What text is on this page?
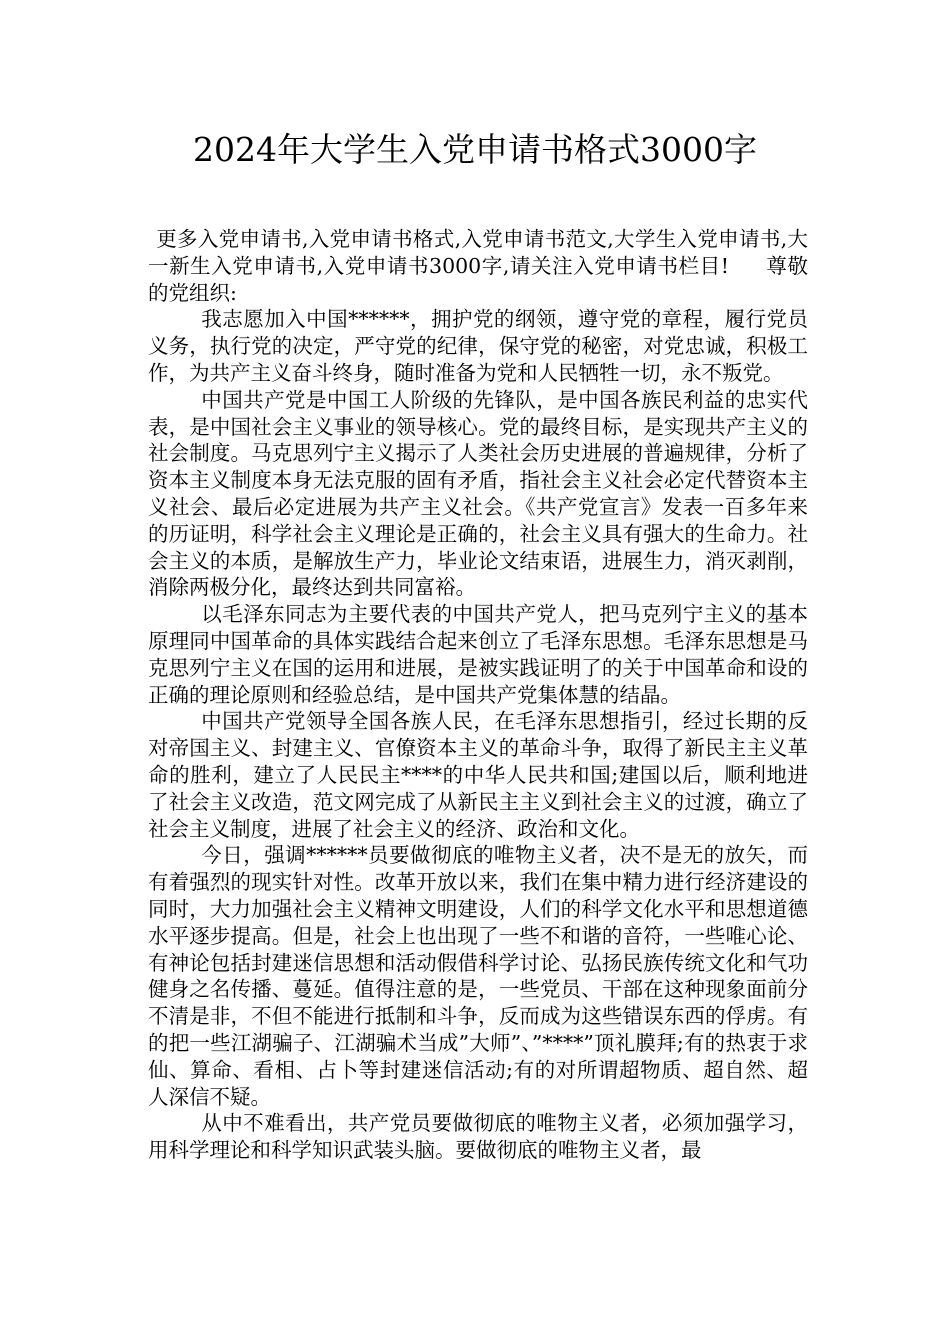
2024年大学生入党申请书格式3000字

更多入党申请书,入党申请书格式,入党申请书范文,大学生入党申请书,大一新生入党申请书,入党申请书3000字,请关注入党申请书栏目! 尊敬的党组织:

我志愿加入中国******，拥护党的纲领，遵守党的章程，履行党员义务，执行党的决定，严守党的纪律，保守党的秘密，对党忠诚，积极工作，为共产主义奋斗终身，随时准备为党和人民牺牲一切，永不叛党。

中国共产党是中国工人阶级的先锋队，是中国各族民利益的忠实代表，是中国社会主义事业的领导核心。党的最终目标，是实现共产主义的社会制度。马克思列宁主义揭示了人类社会历史进展的普遍规律，分析了资本主义制度本身无法克服的固有矛盾，指社会主义社会必定代替资本主义社会、最后必定进展为共产主义社会。《共产党宣言》发表一百多年来的历证明，科学社会主义理论是正确的，社会主义具有强大的生命力。社会主义的本质，是解放生产力，毕业论文结束语，进展生力，消灭剥削，消除两极分化，最终达到共同富裕。

以毛泽东同志为主要代表的中国共产党人，把马克列宁主义的基本原理同中国革命的具体实践结合起来创立了毛泽东思想。毛泽东思想是马克思列宁主义在国的运用和进展，是被实践证明了的关于中国革命和设的正确的理论原则和经验总结，是中国共产党集体慧的结晶。

中国共产党领导全国各族人民，在毛泽东思想指引，经过长期的反对帝国主义、封建主义、官僚资本主义的革命斗争，取得了新民主主义革命的胜利，建立了人民民主****的中华人民共和国;建国以后，顺利地进了社会主义改造，范文网完成了从新民主主义到社会主义的过渡，确立了社会主义制度，进展了社会主义的经济、政治和文化。

今日，强调******员要做彻底的唯物主义者，决不是无的放矢，而有着强烈的现实针对性。改革开放以来，我们在集中精力进行经济建设的同时，大力加强社会主义精神文明建设，人们的科学文化水平和思想道德水平逐步提高。但是，社会上也出现了一些不和谐的音符，一些唯心论、有神论包括封建迷信思想和活动假借科学讨论、弘扬民族传统文化和气功健身之名传播、蔓延。值得注意的是，一些党员、干部在这种现象面前分不清是非，不但不能进行抵制和斗争，反而成为这些错误东西的俘虏。有的把一些江湖骗子、江湖骗术当成”大师”、”****”顶礼膜拜;有的热衷于求仙、算命、看相、占卜等封建迷信活动;有的对所谓超物质、超自然、超人深信不疑。

从中不难看出，共产党员要做彻底的唯物主义者，必须加强学习，用科学理论和科学知识武装头脑。要做彻底的唯物主义者，最
